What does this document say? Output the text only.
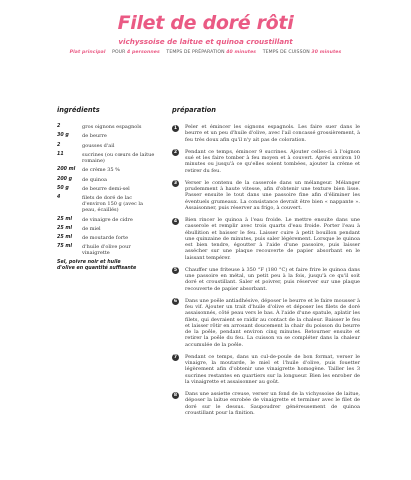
Filet de doré rôti
vichyssoise de laitue et quinoa croustillant
Plat principal POUR 4 personnes TEMPS DE PRÉPARATION 40 minutes TEMPS DE CUISSON 30 minutes
ingrédients	préparation
2	gros oignons espagnols
30 g	de beurre
2	gousses d'ail
11	sucrines (ou cœurs de laitue romaine)
200 ml	de crème 35 %
200 g	de quinoa
50 g	de beurre demi-sel
4	filets de doré de lac d'environ 150 g (avec la peau, écaillés)
25 ml	de vinaigre de cidre
25 ml	de miel
25 ml	de moutarde forte
75 ml	d'huile d'olive pour vinaigrette
Sel, poivre noir et huile d'olive en quantité suffisante
1	Peler et émincer les oignons espagnols. Les faire suer dans le beurre et un peu d'huile d'olive, avec l'ail concassé grossièrement, à feu très doux afin qu'il n'y ait pas de coloration.
2	Pendant ce temps, émincer 9 sucrines. Ajouter celles-ci à l'oignon sué et les faire tomber à feu moyen et à couvert. Après environ 10 minutes ou jusqu'à ce qu'elles soient tombées, ajouter la crème et retirer du feu.
3	Verser le contenu de la casserole dans un mélangeur. Mélanger prudemment à haute vitesse, afin d'obtenir une texture bien lisse. Passer ensuite le tout dans une passoire fine afin d'éliminer les éventuels grumeaux. La consistance devrait être bien « nappante ». Assaisonner, puis réserver au frigo, à couvert.
4	Bien rincer le quinoa à l'eau froide. Le mettre ensuite dans une casserole et remplir avec trois quarts d'eau froide. Porter l'eau à ébullition et baisser le feu. Laisser cuire à petit bouillon pendant une quinzaine de minutes, puis saler légèrement. Lorsque le quinoa est bien tendre, égoutter à l'aide d'une passoire, puis laisser assécher sur une plaque recouverte de papier absorbant en le laissant tempérer.
5	Chauffer une friteuse à 350 °F (180 °C) et faire frire le quinoa dans une passoire en métal, un petit peu à la fois, jusqu'à ce qu'il soit doré et croustillant. Saler et poivrer, puis réserver sur une plaque recouverte de papier absorbant.
6	Dans une poêle antiadhésive, déposer le beurre et le faire mousser à feu vif. Ajouter un trait d'huile d'olive et déposer les filets de doré assaisonnés, côté peau vers le bas. À l'aide d'une spatule, aplatir les filets, qui devraient se raidir au contact de la chaleur. Baisser le feu et laisser rôtir en arrosant doucement la chair du poisson du beurre de la poêle, pendant environ cinq minutes. Retourner ensuite et retirer la poêle du feu. La cuisson va se compléter dans la chaleur accumulée de la poêle.
7	Pendant ce temps, dans un cul-de-poule de bon format, verser le vinaigre, la moutarde, le miel et l'huile d'olive, puis fouetter légèrement afin d'obtenir une vinaigrette homogène. Tailler les 3 sucrines restantes en quartiers sur la longueur. Bien les enrober de la vinaigrette et assaisonner au goût.
8	Dans une assiette creuse, verser un fond de la vichyssoise de laitue, déposer la laitue enrobée de vinaigrette et terminer avec le filet de doré sur le dessus. Saupoudrer généreusement de quinoa croustillant pour la finition.
